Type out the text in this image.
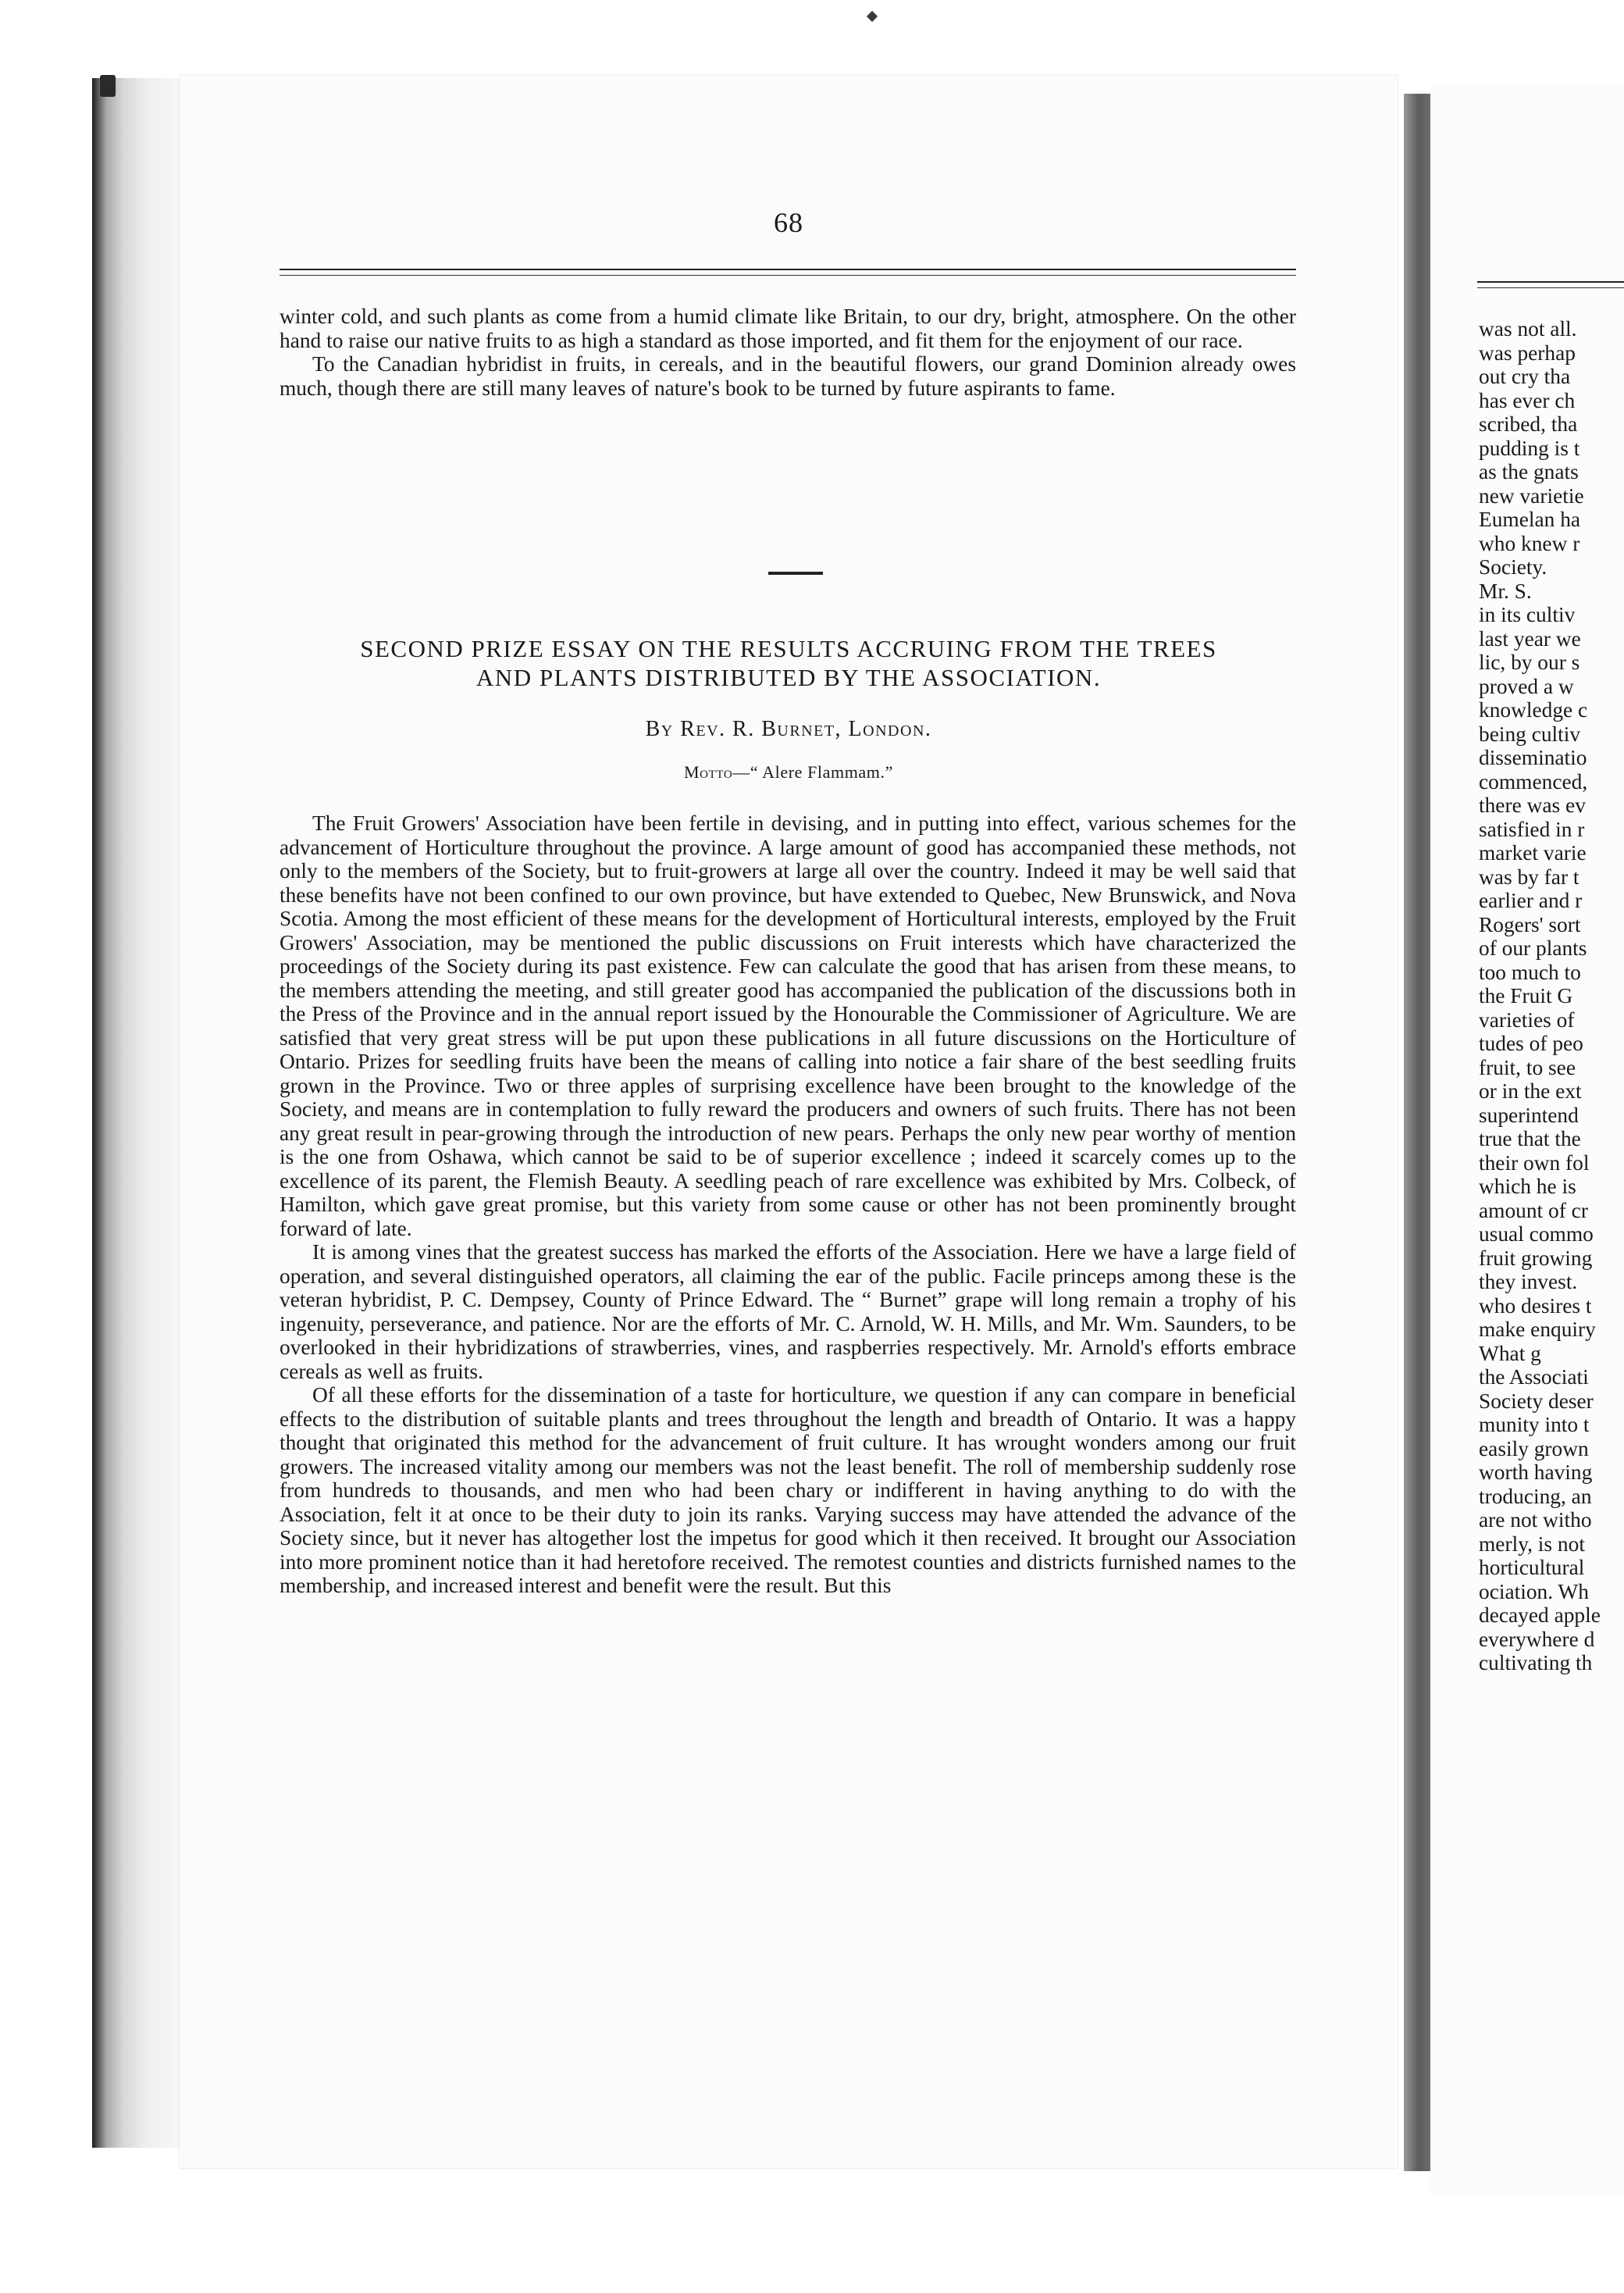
68

winter cold, and such plants as come from a humid climate like Britain, to our dry, bright, atmosphere. On the other hand to raise our native fruits to as high a standard as those imported, and fit them for the enjoyment of our race.

To the Canadian hybridist in fruits, in cereals, and in the beautiful flowers, our grand Dominion already owes much, though there are still many leaves of nature's book to be turned by future aspirants to fame.

SECOND PRIZE ESSAY ON THE RESULTS ACCRUING FROM THE TREES
AND PLANTS DISTRIBUTED BY THE ASSOCIATION.
By Rev. R. Burnet, London.
Motto—“ Alere Flammam.”

The Fruit Growers' Association have been fertile in devising, and in putting into effect, various schemes for the advancement of Horticulture throughout the province. A large amount of good has accompanied these methods, not only to the members of the Society, but to fruit-growers at large all over the country. Indeed it may be well said that these benefits have not been confined to our own province, but have extended to Quebec, New Brunswick, and Nova Scotia. Among the most efficient of these means for the development of Horticultural interests, employed by the Fruit Growers' Association, may be mentioned the public discussions on Fruit interests which have characterized the proceedings of the Society during its past existence. Few can calculate the good that has arisen from these means, to the members attending the meeting, and still greater good has accompanied the publication of the discussions both in the Press of the Province and in the annual report issued by the Honourable the Commissioner of Agriculture. We are satisfied that very great stress will be put upon these publications in all future discussions on the Horticulture of Ontario. Prizes for seedling fruits have been the means of calling into notice a fair share of the best seedling fruits grown in the Province. Two or three apples of surprising excellence have been brought to the knowledge of the Society, and means are in contemplation to fully reward the producers and owners of such fruits. There has not been any great result in pear-growing through the introduction of new pears. Perhaps the only new pear worthy of mention is the one from Oshawa, which cannot be said to be of superior excellence ; indeed it scarcely comes up to the excellence of its parent, the Flemish Beauty. A seedling peach of rare excellence was exhibited by Mrs. Colbeck, of Hamilton, which gave great promise, but this variety from some cause or other has not been prominently brought forward of late.

It is among vines that the greatest success has marked the efforts of the Association. Here we have a large field of operation, and several distinguished operators, all claiming the ear of the public. Facile princeps among these is the veteran hybridist, P. C. Dempsey, County of Prince Edward. The “ Burnet” grape will long remain a trophy of his ingenuity, perseverance, and patience. Nor are the efforts of Mr. C. Arnold, W. H. Mills, and Mr. Wm. Saunders, to be overlooked in their hybridizations of strawberries, vines, and raspberries respectively. Mr. Arnold's efforts embrace cereals as well as fruits.

Of all these efforts for the dissemination of a taste for horticulture, we question if any can compare in beneficial effects to the distribution of suitable plants and trees throughout the length and breadth of Ontario. It was a happy thought that originated this method for the advancement of fruit culture. It has wrought wonders among our fruit growers. The increased vitality among our members was not the least benefit. The roll of membership suddenly rose from hundreds to thousands, and men who had been chary or indifferent in having anything to do with the Association, felt it at once to be their duty to join its ranks. Varying success may have attended the advance of the Society since, but it never has altogether lost the impetus for good which it then received. It brought our Association into more prominent notice than it had heretofore received. The remotest counties and districts furnished names to the membership, and increased interest and benefit were the result. But this

was not all.
was perhap
out cry tha
has ever ch
scribed, tha
pudding is t
as the gnats
new varietie
Eumelan ha
who knew r
Society.
Mr. S.
in its cultiv
last year we
lic, by our s
proved a w
knowledge c
being cultiv
disseminatio
commenced,
there was ev
satisfied in r
market varie
was by far t
earlier and r
Rogers' sort
of our plants
too much to
the Fruit G
varieties of
tudes of peo
fruit, to see
or in the ext
superintend
true that the
their own fol
which he is
amount of cr
usual commo
fruit growing
they invest.
who desires t
make enquiry
What g
the Associati
Society deser
munity into t
easily grown
worth having
troducing, an
are not witho
merly, is not
horticultural
ociation. Wh
decayed apple
everywhere d
cultivating th
